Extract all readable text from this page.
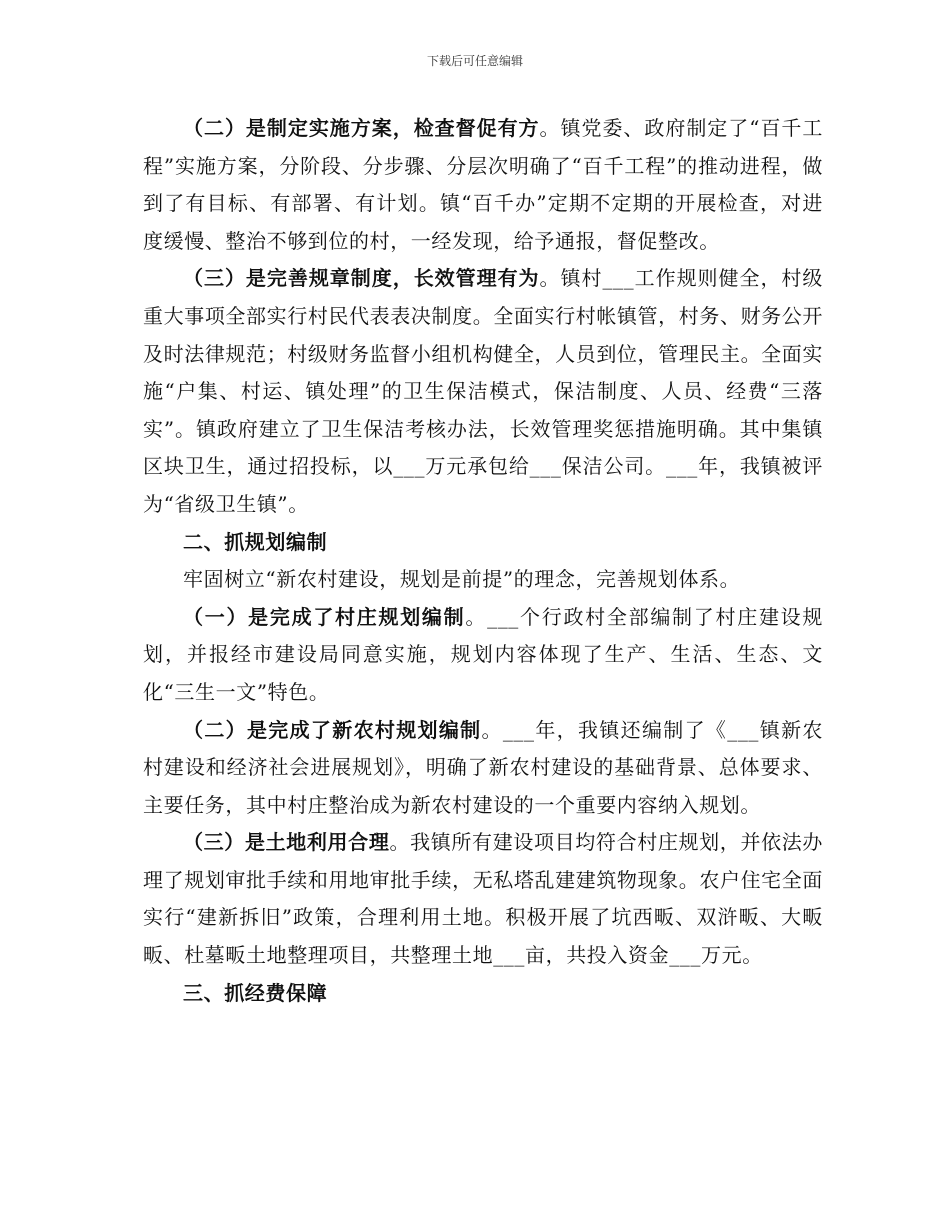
下载后可任意编辑

（二）是制定实施方案，检查督促有方。镇党委、政府制定了“百千工程”实施方案，分阶段、分步骤、分层次明确了“百千工程”的推动进程，做到了有目标、有部署、有计划。镇“百千办”定期不定期的开展检查，对进度缓慢、整治不够到位的村，一经发现，给予通报，督促整改。

（三）是完善规章制度，长效管理有为。镇村___工作规则健全，村级重大事项全部实行村民代表表决制度。全面实行村帐镇管，村务、财务公开及时法律规范；村级财务监督小组机构健全，人员到位，管理民主。全面实施“户集、村运、镇处理”的卫生保洁模式，保洁制度、人员、经费“三落实”。镇政府建立了卫生保洁考核办法，长效管理奖惩措施明确。其中集镇区块卫生，通过招投标，以___万元承包给___保洁公司。___年，我镇被评为“省级卫生镇”。

二、抓规划编制

牢固树立“新农村建设，规划是前提”的理念，完善规划体系。

（一）是完成了村庄规划编制。___个行政村全部编制了村庄建设规划，并报经市建设局同意实施，规划内容体现了生产、生活、生态、文化“三生一文”特色。

（二）是完成了新农村规划编制。___年，我镇还编制了《___镇新农村建设和经济社会进展规划》，明确了新农村建设的基础背景、总体要求、主要任务，其中村庄整治成为新农村建设的一个重要内容纳入规划。

（三）是土地利用合理。我镇所有建设项目均符合村庄规划，并依法办理了规划审批手续和用地审批手续，无私塔乱建建筑物现象。农户住宅全面实行“建新拆旧”政策，合理利用土地。积极开展了坑西畈、双浒畈、大畈畈、杜墓畈土地整理项目，共整理土地___亩，共投入资金___万元。

三、抓经费保障
